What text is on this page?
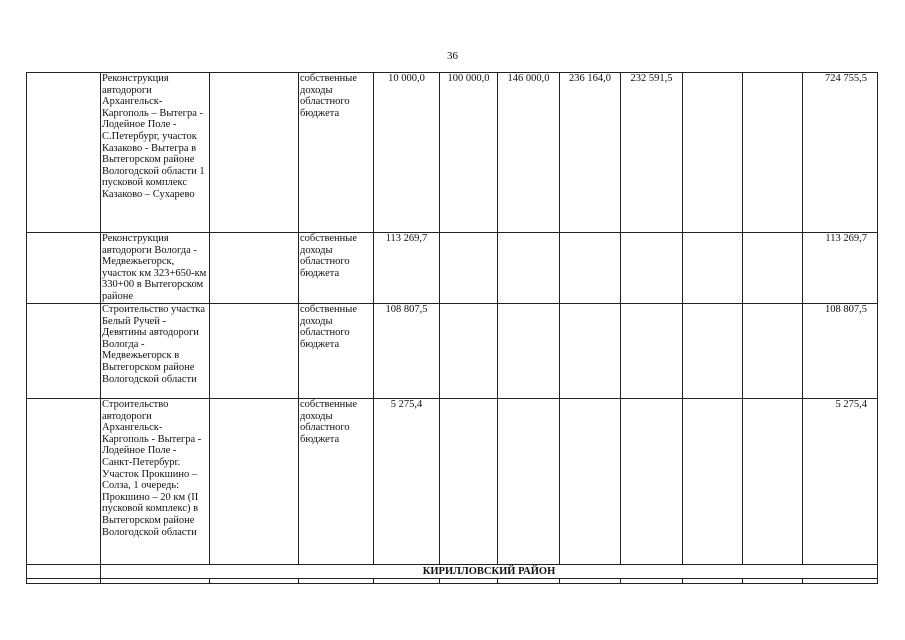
36
	Реконструкция автодороги Архангельск-Каргополь – Вытегра - Лодейное Поле - С.Петербург, участок Казаково - Вытегра в Вытегорском районе Вологодской области 1 пусковой комплекс Казаково – Сухарево		собственные доходы областного бюджета	10 000,0	100 000,0	146 000,0	236 164,0	232 591,5			724 755,5
	Реконструкция автодороги Вологда - Медвежьегорск, участок км 323+650-км 330+00 в Вытегорском районе		собственные доходы областного бюджета	113 269,7							113 269,7
	Строительство участка Белый Ручей - Девятины автодороги Вологда - Медвежьегорск в Вытегорском районе Вологодской области		собственные доходы областного бюджета	108 807,5							108 807,5
	Строительство автодороги Архангельск-Каргополь - Вытегра - Лодейное Поле - Санкт-Петербург. Участок Прокшино – Солза, 1 очередь: Прокшино – 20 км (II пусковой комплекс) в Вытегорском районе Вологодской области		собственные доходы областного бюджета	5 275,4							5 275,4
	КИРИЛЛОВСКИЙ РАЙОН										
